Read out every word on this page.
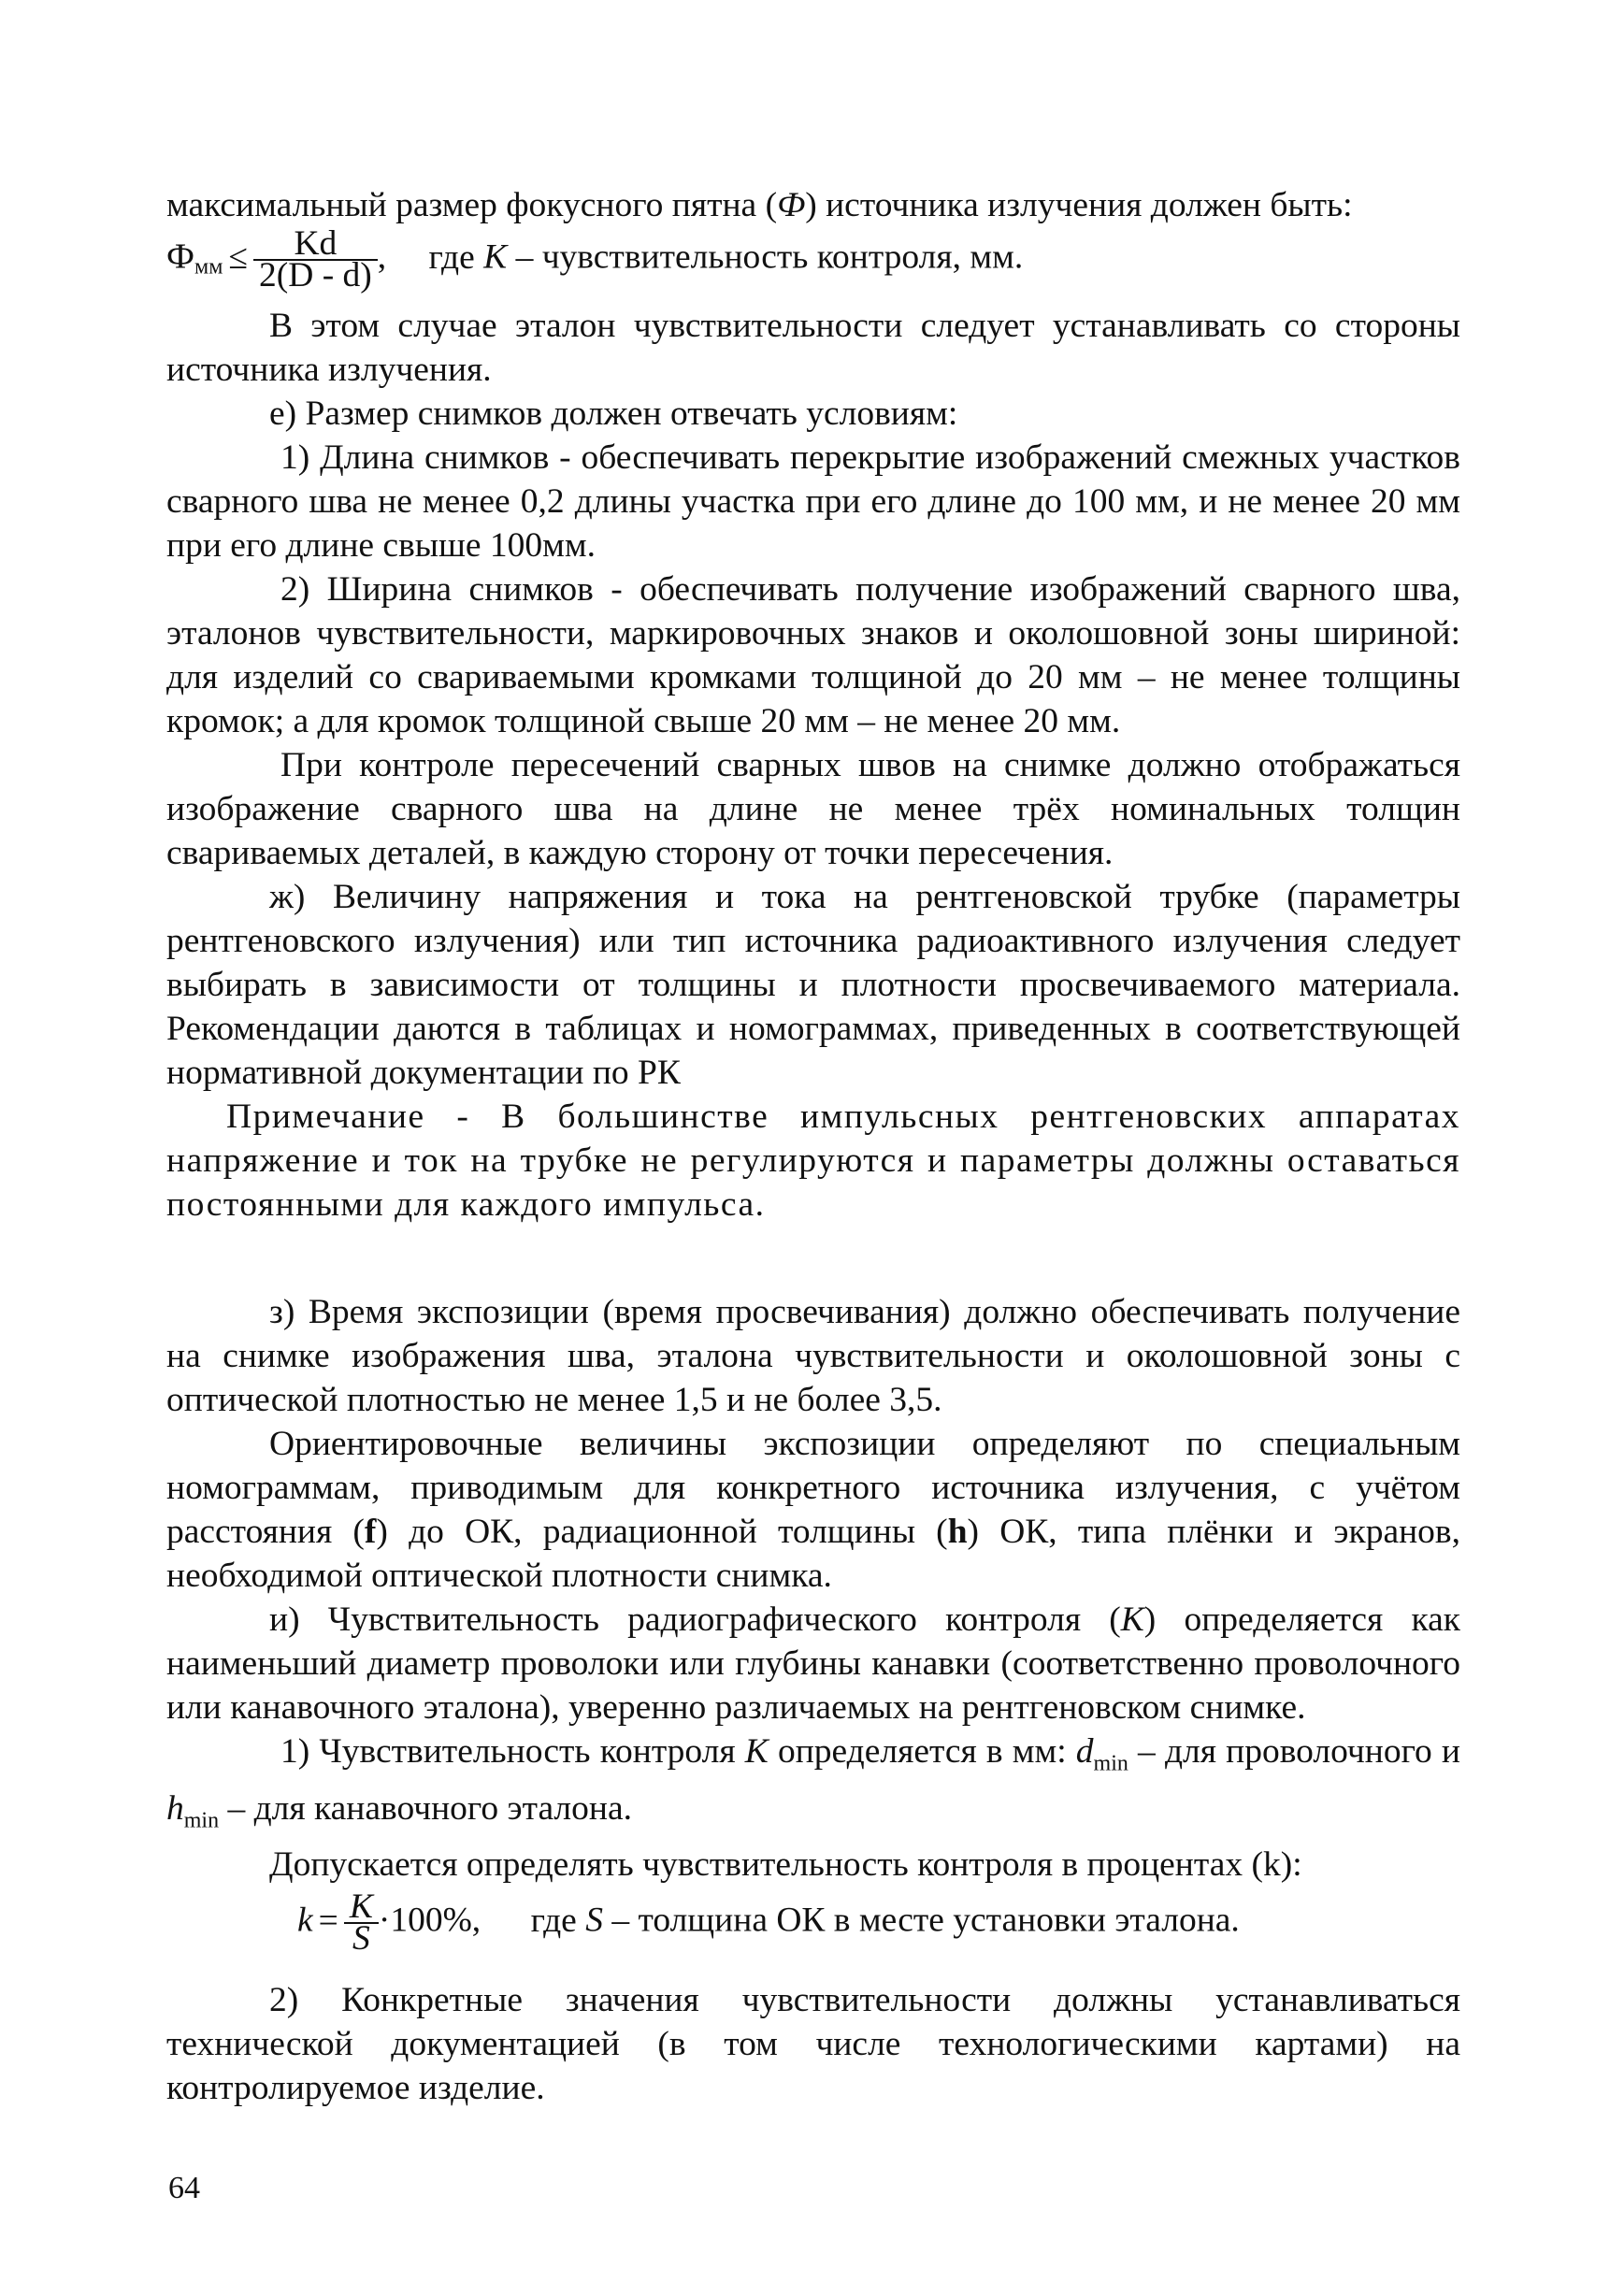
максимальный размер фокусного пятна (Ф) источника излучения должен быть:

Фмм ≤ $\frac{Kd}{2(D - d)}$ , где K – чувствительность контроля, мм.

В этом случае эталон чувствительности следует устанавливать со стороны источника излучения.

е) Размер снимков должен отвечать условиям:

1) Длина снимков - обеспечивать перекрытие изображений смежных участков сварного шва не менее 0,2 длины участка при его длине до 100 мм, и не менее 20 мм при его длине свыше 100мм.

2) Ширина снимков - обеспечивать получение изображений сварного шва, эталонов чувствительности, маркировочных знаков и околошовной зоны шириной: для изделий со свариваемыми кромками толщиной до 20 мм – не менее толщины кромок; а для кромок толщиной свыше 20 мм – не менее 20 мм.

При контроле пересечений сварных швов на снимке должно отображаться изображение сварного шва на длине не менее трёх номинальных толщин свариваемых деталей, в каждую сторону от точки пересечения.

ж) Величину напряжения и тока на рентгеновской трубке (параметры рентгеновского излучения) или тип источника радиоактивного излучения следует выбирать в зависимости от толщины и плотности просвечиваемого материала. Рекомендации даются в таблицах и номограммах, приведенных в соответствующей нормативной документации по РК

Примечание - В большинстве импульсных рентгеновских аппаратах напряжение и ток на трубке не регулируются и параметры должны оставаться постоянными для каждого импульса.

з) Время экспозиции (время просвечивания) должно обеспечивать получение на снимке изображения шва, эталона чувствительности и околошовной зоны с оптической плотностью не менее 1,5 и не более 3,5.

Ориентировочные величины экспозиции определяют по специальным номограммам, приводимым для конкретного источника излучения, с учётом расстояния (f) до ОК, радиационной толщины (h) ОК, типа плёнки и экранов, необходимой оптической плотности снимка.

и) Чувствительность радиографического контроля (K) определяется как наименьший диаметр проволоки или глубины канавки (соответственно проволочного или канавочного эталона), уверенно различаемых на рентгеновском снимке.

1) Чувствительность контроля K определяется в мм: $d_{min}$ – для проволочного и $h_{min}$ – для канавочного эталона.

Допускается определять чувствительность контроля в процентах (k):

$k = \frac{K}{S} \cdot 100\%$, где S – толщина ОК в месте установки эталона.

2) Конкретные значения чувствительности должны устанавливаться технической документацией (в том числе технологическими картами) на контролируемое изделие.

64
